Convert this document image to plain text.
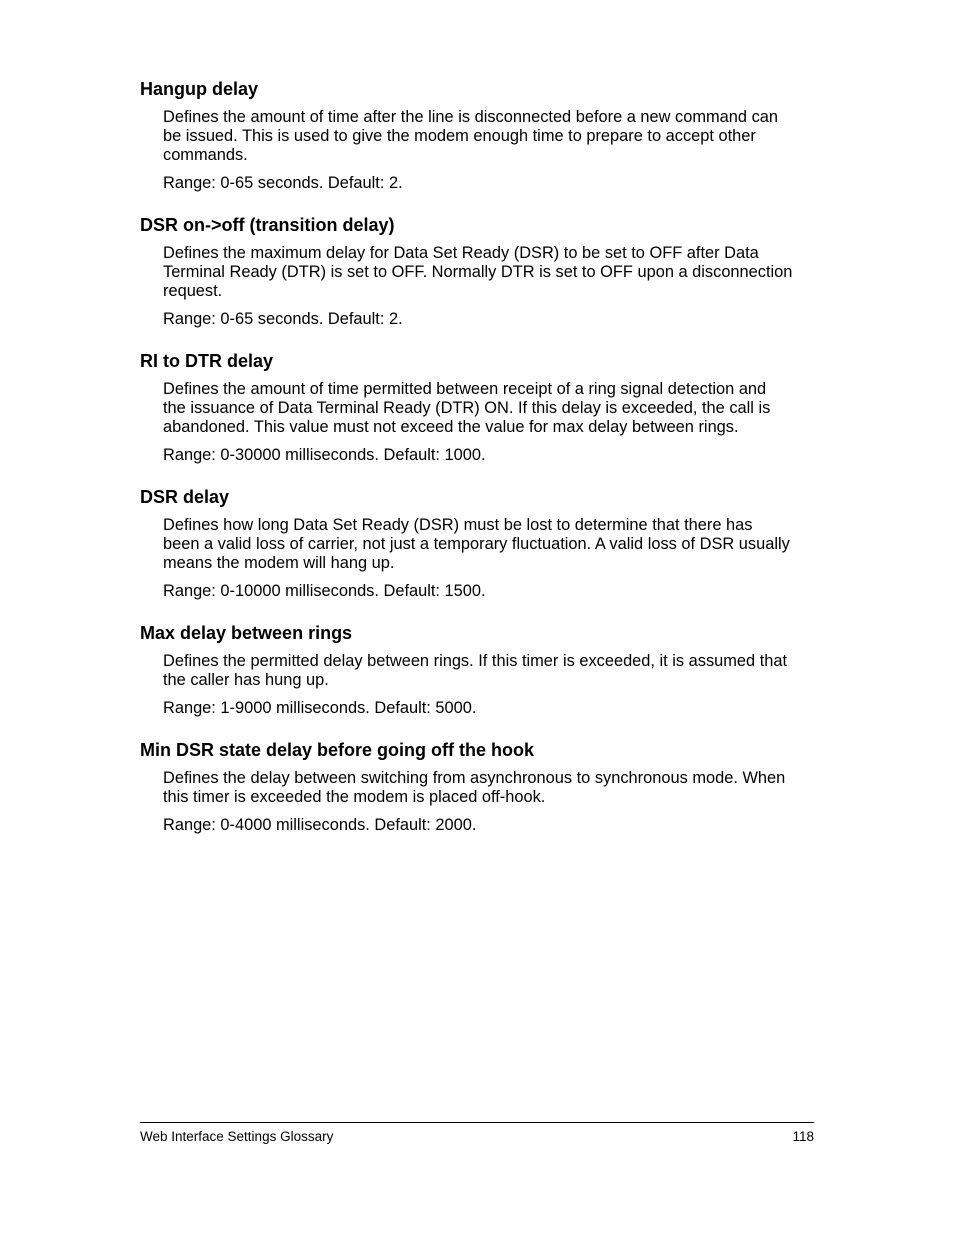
Hangup delay
Defines the amount of time after the line is disconnected before a new command can
be issued. This is used to give the modem enough time to prepare to accept other
commands.
Range: 0-65 seconds. Default: 2.
DSR on->off (transition delay)
Defines the maximum delay for Data Set Ready (DSR) to be set to OFF after Data
Terminal Ready (DTR) is set to OFF. Normally DTR is set to OFF upon a disconnection
request.
Range: 0-65 seconds. Default: 2.
RI to DTR delay
Defines the amount of time permitted between receipt of a ring signal detection and
the issuance of Data Terminal Ready (DTR) ON. If this delay is exceeded, the call is
abandoned. This value must not exceed the value for max delay between rings.
Range: 0-30000 milliseconds. Default: 1000.
DSR delay
Defines how long Data Set Ready (DSR) must be lost to determine that there has
been a valid loss of carrier, not just a temporary fluctuation. A valid loss of DSR usually
means the modem will hang up.
Range: 0-10000 milliseconds. Default: 1500.
Max delay between rings
Defines the permitted delay between rings. If this timer is exceeded, it is assumed that
the caller has hung up.
Range: 1-9000 milliseconds. Default: 5000.
Min DSR state delay before going off the hook
Defines the delay between switching from asynchronous to synchronous mode. When
this timer is exceeded the modem is placed off-hook.
Range: 0-4000 milliseconds. Default: 2000.
Web Interface Settings Glossary	118
